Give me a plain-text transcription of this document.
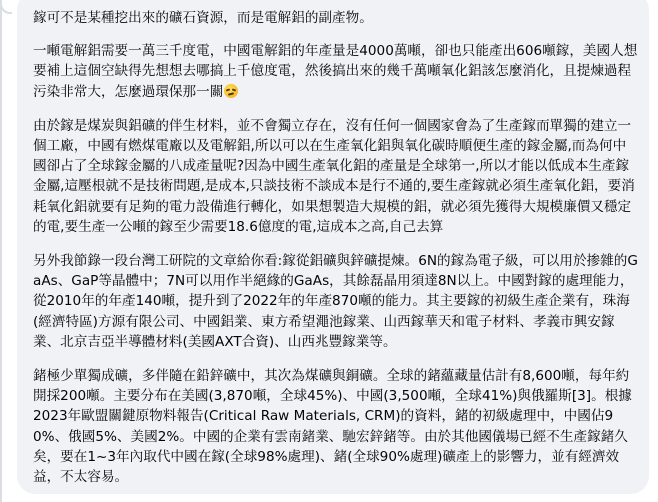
鎵可不是某種挖出來的礦石資源，而是電解鋁的副產物。

一噸電解鋁需要一萬三千度電，中國電解鋁的年產量是4000萬噸，卻也只能產出606噸鎵，美國人想要補上這個空缺得先想想去哪搞上千億度電，然後搞出來的幾千萬噸氧化鋁該怎麼消化，且提煉過程污染非常大，怎麼過環保那一關

由於鎵是煤炭與鋁礦的伴生材料，並不會獨立存在，沒有任何一個國家會為了生產鎵而單獨的建立一個工廠，中國有燃煤電廠以及電解鋁,所以可以在生產氧化鋁與氧化碳時順便生產的鎵金屬,而為何中國卻占了全球鎵金屬的八成產量呢?因為中國生產氧化鋁的產量是全球第一,所以才能以低成本生產鎵金屬,這壓根就不是技術問題,是成本,只談技術不談成本是行不通的,要生產鎵就必須生產氧化鋁，要消耗氧化鋁就要有足夠的電力設備進行轉化，如果想製造大規模的鋁，就必須先獲得大規模廉價又穩定的電,要生產一公噸的鎵至少需要18.6億度的電,這成本之高,自己去算

另外我節錄一段台灣工研院的文章給你看:鎵從鋁礦與鋅礦提煉。6N的鎵為電子級，可以用於掺雜的GaAs、GaP等晶體中；7N可以用作半絕緣的GaAs，其餘磊晶用須達8N以上。中國對鎵的處理能力，從2010年的年產140噸，提升到了2022年的年產870噸的能力。其主要鎵的初級生產企業有，珠海(經濟特區)方源有限公司、中國鋁業、東方希望澠池鎵業、山西鎵華天和電子材料、孝義市興安鎵業、北京吉亞半導體材料(美國AXT合資)、山西兆豐鎵業等。

鍺極少單獨成礦，多伴隨在鉛鋅礦中，其次為煤礦與銅礦。全球的鍺蘊藏量估計有8,600噸，每年約開採200噸。主要分布在美國(3,870噸，全球45%)、中國(3,500噸，全球41%)與俄羅斯[3]。根據2023年歐盟關鍵原物料報告(Critical Raw Materials, CRM)的資料，鍺的初級處理中，中國佔90%、俄國5%、美國2%。中國的企業有雲南鍺業、馳宏鋅鍺等。由於其他國儀場已經不生產鎵鍺久矣，要在1~3年內取代中國在鎵(全球98%處理)、鍺(全球90%處理)礦產上的影響力，並有經濟效益，不太容易。
